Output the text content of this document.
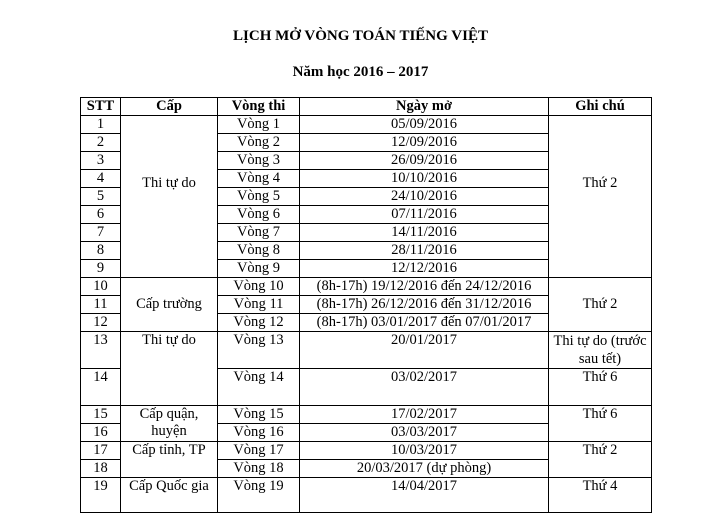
LỊCH MỞ VÒNG TOÁN TIẾNG VIỆT
Năm học 2016 – 2017
STT	Cấp	Vòng thi	Ngày mở	Ghi chú
1	Thi tự do	Vòng 1	05/09/2016	Thứ 2
2		Vòng 2	12/09/2016	
3		Vòng 3	26/09/2016	
4		Vòng 4	10/10/2016	
5		Vòng 5	24/10/2016	
6		Vòng 6	07/11/2016	
7		Vòng 7	14/11/2016	
8		Vòng 8	28/11/2016	
9		Vòng 9	12/12/2016	
10	Cấp trường	Vòng 10	(8h-17h) 19/12/2016 đến 24/12/2016	Thứ 2
11		Vòng 11	(8h-17h) 26/12/2016 đến 31/12/2016	
12		Vòng 12	(8h-17h) 03/01/2017 đến 07/01/2017	
13	Thi tự do	Vòng 13	20/01/2017	Thi tự do (trước sau tết)
14		Vòng 14	03/02/2017	Thứ 6
15	Cấp quận, huyện	Vòng 15	17/02/2017	Thứ 6
16		Vòng 16	03/03/2017	
17	Cấp tỉnh, TP	Vòng 17	10/03/2017	Thứ 2
18		Vòng 18	20/03/2017 (dự phòng)	
19	Cấp Quốc gia	Vòng 19	14/04/2017	Thứ 4
